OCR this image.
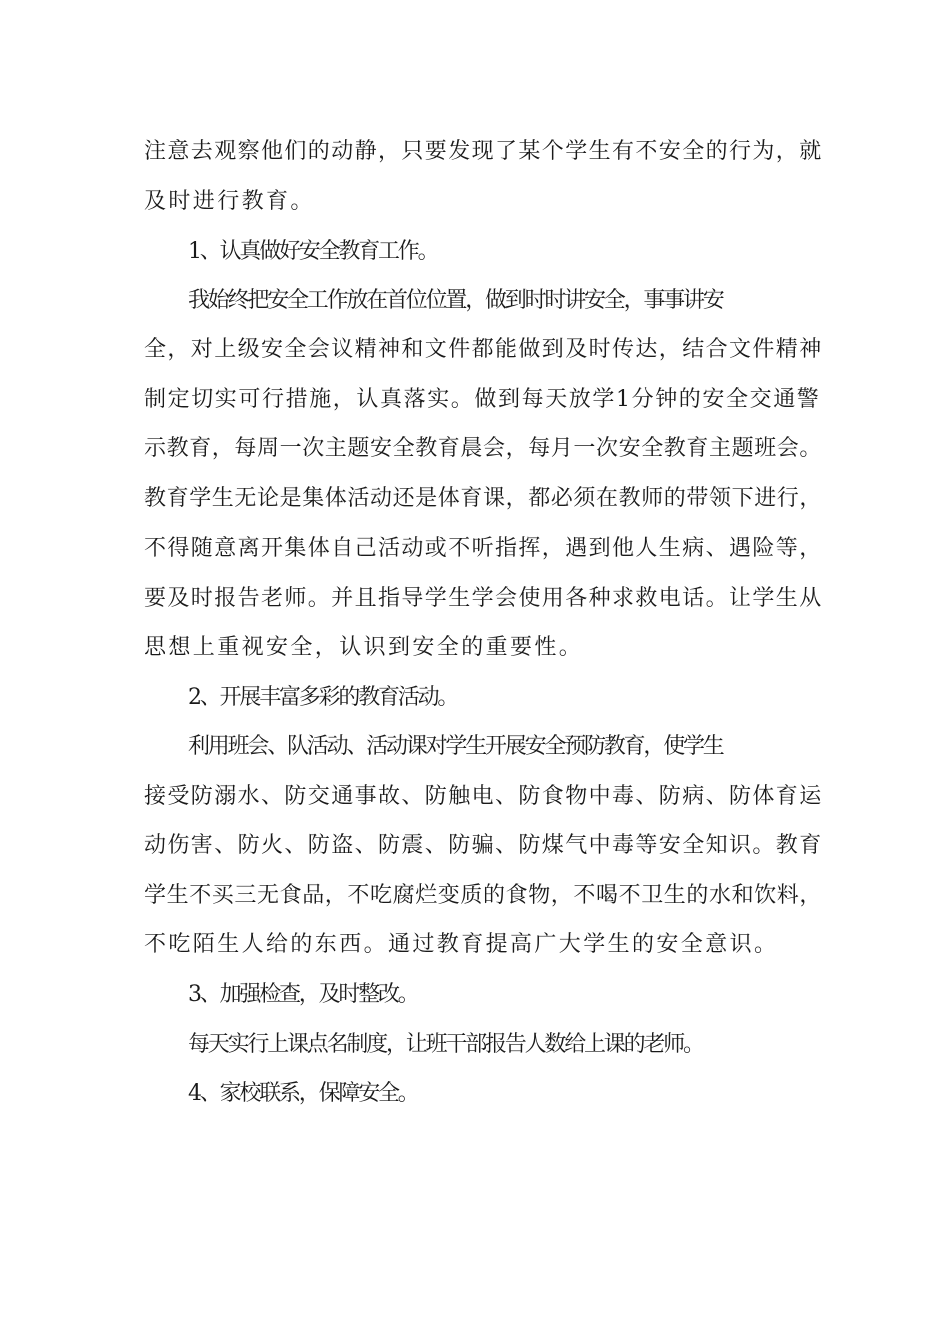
注意去观察他们的动静，只要发现了某个学生有不安全的行为，就
及时进行教育。
1、认真做好安全教育工作。
我始终把安全工作放在首位位置，做到时时讲安全，事事讲安
全，对上级安全会议精神和文件都能做到及时传达，结合文件精神
制定切实可行措施，认真落实。做到每天放学1分钟的安全交通警
示教育，每周一次主题安全教育晨会，每月一次安全教育主题班会。
教育学生无论是集体活动还是体育课，都必须在教师的带领下进行，
不得随意离开集体自己活动或不听指挥，遇到他人生病、遇险等，
要及时报告老师。并且指导学生学会使用各种求救电话。让学生从
思想上重视安全，认识到安全的重要性。
2、开展丰富多彩的教育活动。
利用班会、队活动、活动课对学生开展安全预防教育，使学生
接受防溺水、防交通事故、防触电、防食物中毒、防病、防体育运
动伤害、防火、防盗、防震、防骗、防煤气中毒等安全知识。教育
学生不买三无食品，不吃腐烂变质的食物，不喝不卫生的水和饮料，
不吃陌生人给的东西。通过教育提高广大学生的安全意识。
3、加强检查，及时整改。
每天实行上课点名制度，让班干部报告人数给上课的老师。
4、家校联系，保障安全。
